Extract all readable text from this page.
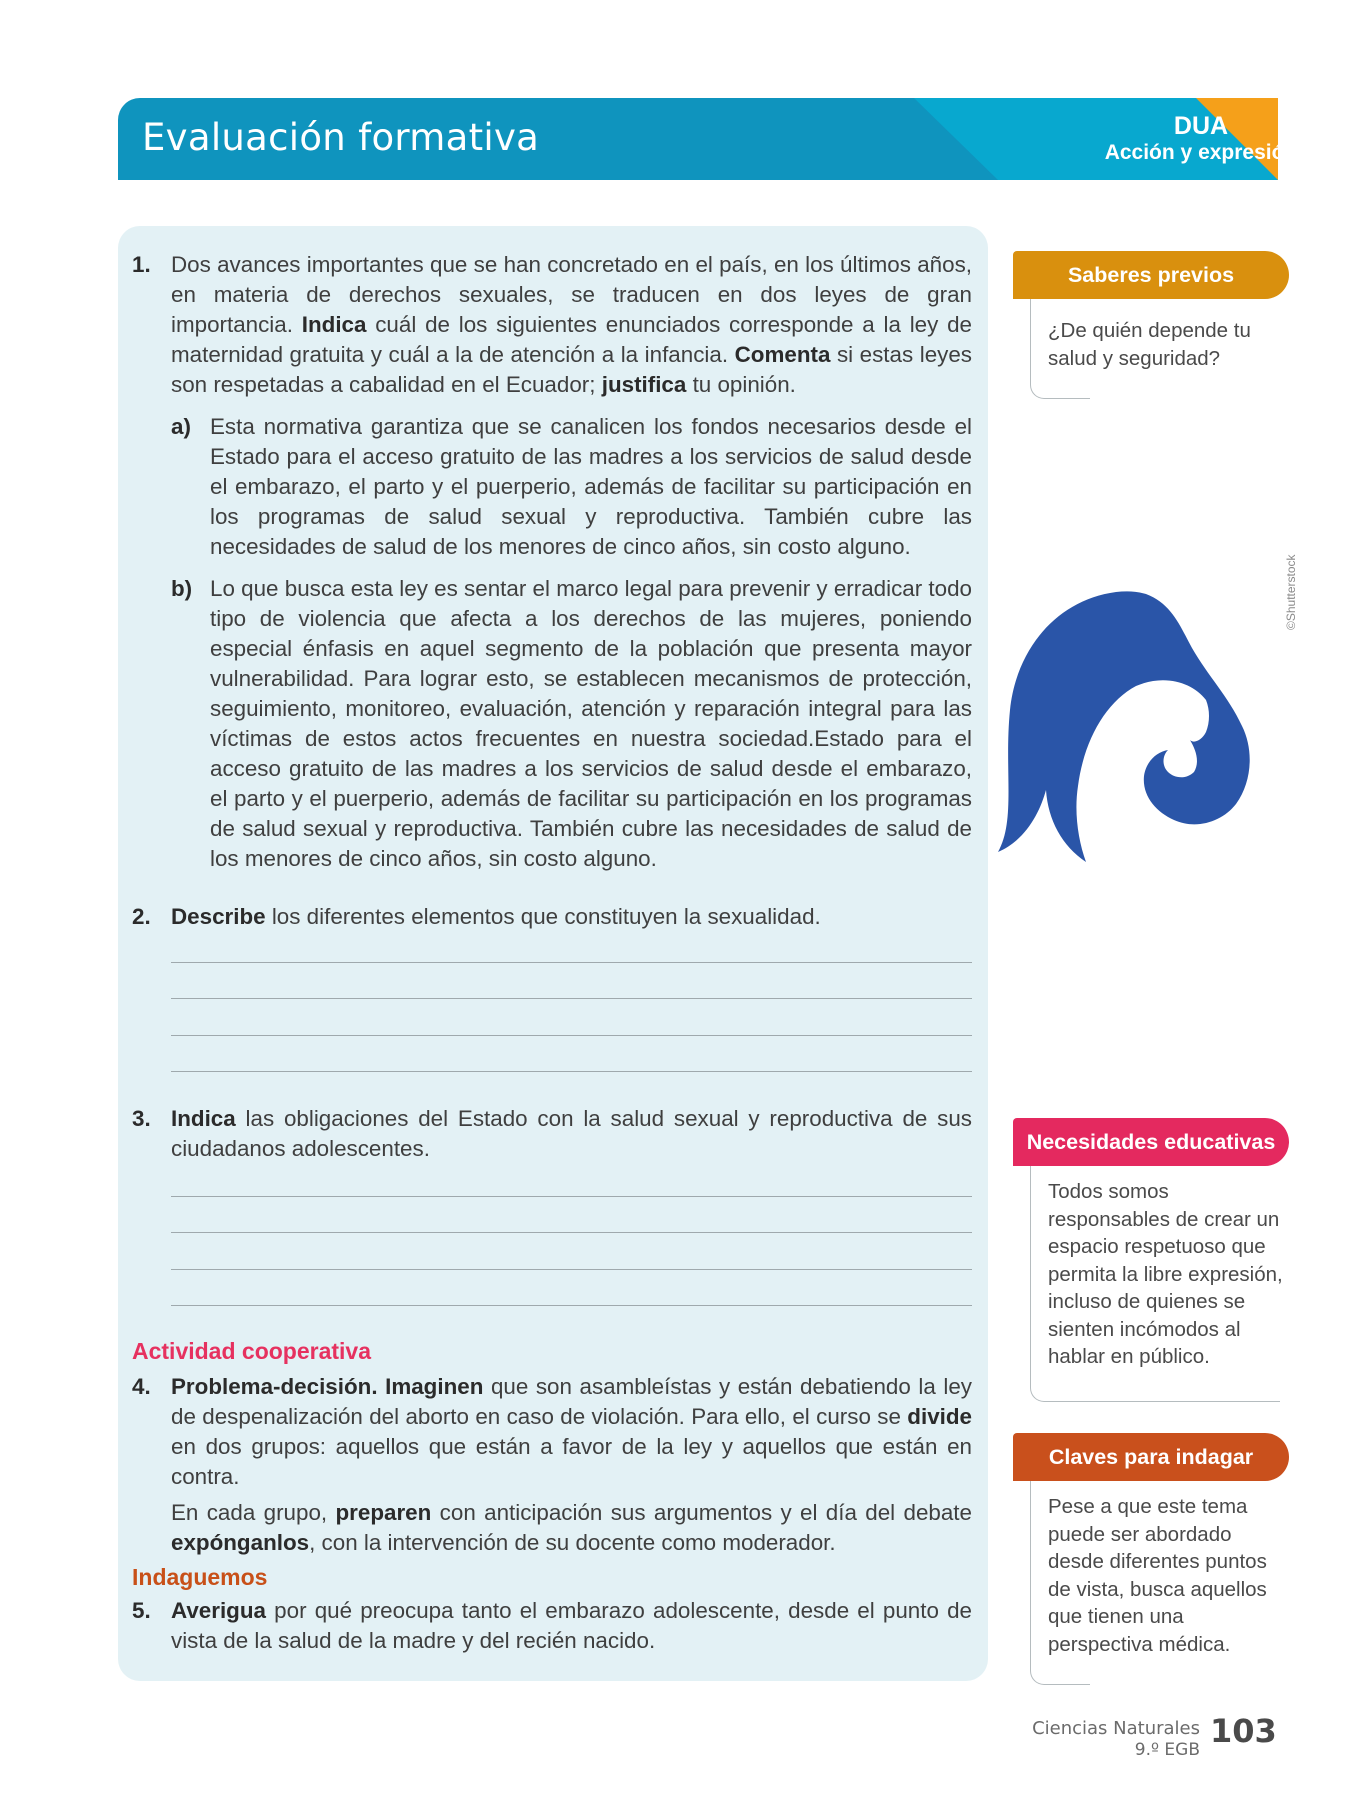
Evaluación formativa	DUA
Acción y expresión
1. Dos avances importantes que se han concretado en el país, en los últimos años, en materia de derechos sexuales, se traducen en dos leyes de gran importancia. Indica cuál de los siguientes enunciados corresponde a la ley de maternidad gratuita y cuál a la de atención a la infancia. Comenta si estas leyes son respetadas a cabalidad en el Ecuador; justifica tu opinión.
a) Esta normativa garantiza que se canalicen los fondos necesarios desde el Estado para el acceso gratuito de las madres a los servicios de salud desde el embarazo, el parto y el puerperio, además de facilitar su participación en los programas de salud sexual y reproductiva. También cubre las necesidades de salud de los menores de cinco años, sin costo alguno.
b) Lo que busca esta ley es sentar el marco legal para prevenir y erradicar todo tipo de violencia que afecta a los derechos de las mujeres, poniendo especial énfasis en aquel segmento de la población que presenta mayor vulnerabilidad. Para lograr esto, se establecen mecanismos de protección, seguimiento, monitoreo, evaluación, atención y reparación integral para las víctimas de estos actos frecuentes en nuestra sociedad.Estado para el acceso gratuito de las madres a los servicios de salud desde el embarazo, el parto y el puerperio, además de facilitar su participación en los programas de salud sexual y reproductiva. También cubre las necesidades de salud de los menores de cinco años, sin costo alguno.
2. Describe los diferentes elementos que constituyen la sexualidad.
3. Indica las obligaciones del Estado con la salud sexual y reproductiva de sus ciudadanos adolescentes.
Actividad cooperativa
4. Problema-decisión. Imaginen que son asambleístas y están debatiendo la ley de despenalización del aborto en caso de violación. Para ello, el curso se divide en dos grupos: aquellos que están a favor de la ley y aquellos que están en contra.
En cada grupo, preparen con anticipación sus argumentos y el día del debate expónganlos, con la intervención de su docente como moderador.
Indaguemos
5. Averigua por qué preocupa tanto el embarazo adolescente, desde el punto de vista de la salud de la madre y del recién nacido.
Saberes previos
¿De quién depende tu salud y seguridad?
©Shutterstock
Necesidades educativas
Todos somos responsables de crear un espacio respetuoso que permita la libre expresión, incluso de quienes se sienten incómodos al hablar en público.
Claves para indagar
Pese a que este tema puede ser abordado desde diferentes puntos de vista, busca aquellos que tienen una perspectiva médica.
Ciencias Naturales
9.º EGB 103
